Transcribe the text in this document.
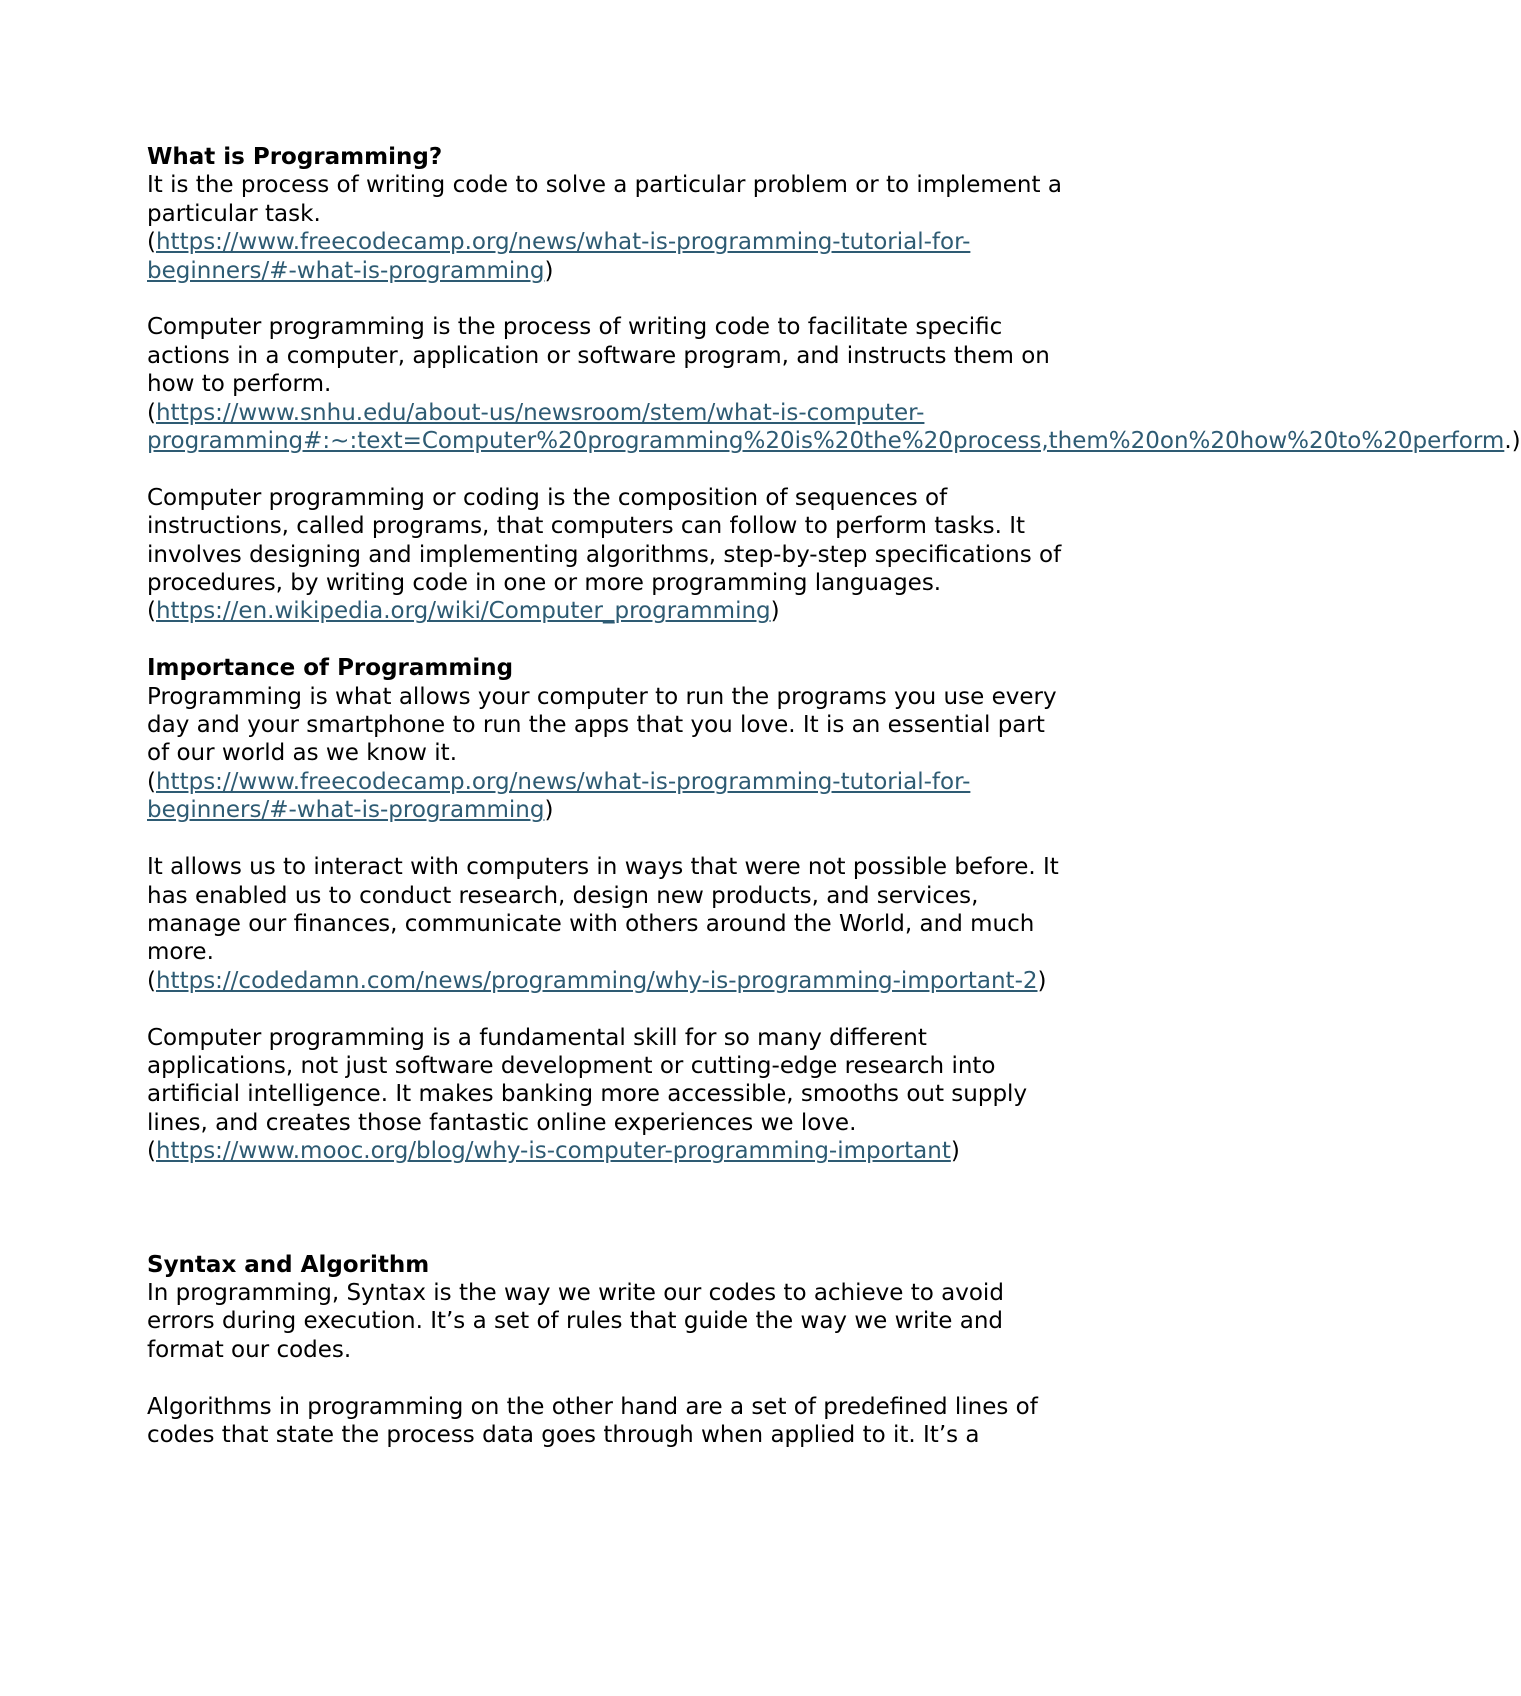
What is Programming?

It is the process of writing code to solve a particular problem or to implement a particular task.
(https://www.freecodecamp.org/news/what-is-programming-tutorial-for-beginners/#-what-is-programming)

Computer programming is the process of writing code to facilitate specific actions in a computer, application or software program, and instructs them on how to perform.
(https://www.snhu.edu/about-us/newsroom/stem/what-is-computer-programming#:~:text=Computer%20programming%20is%20the%20process,them%20on%20how%20to%20perform.)

Computer programming or coding is the composition of sequences of instructions, called programs, that computers can follow to perform tasks. It involves designing and implementing algorithms, step-by-step specifications of procedures, by writing code in one or more programming languages.
(https://en.wikipedia.org/wiki/Computer_programming)

Importance of Programming

Programming is what allows your computer to run the programs you use every day and your smartphone to run the apps that you love. It is an essential part of our world as we know it.
(https://www.freecodecamp.org/news/what-is-programming-tutorial-for-beginners/#-what-is-programming)

It allows us to interact with computers in ways that were not possible before. It has enabled us to conduct research, design new products, and services, manage our finances, communicate with others around the World, and much more.
(https://codedamn.com/news/programming/why-is-programming-important-2)

Computer programming is a fundamental skill for so many different applications, not just software development or cutting-edge research into artificial intelligence. It makes banking more accessible, smooths out supply lines, and creates those fantastic online experiences we love.
(https://www.mooc.org/blog/why-is-computer-programming-important)

Syntax and Algorithm

In programming, Syntax is the way we write our codes to achieve to avoid errors during execution. It’s a set of rules that guide the way we write and format our codes.

Algorithms in programming on the other hand are a set of predefined lines of codes that state the process data goes through when applied to it. It’s a
